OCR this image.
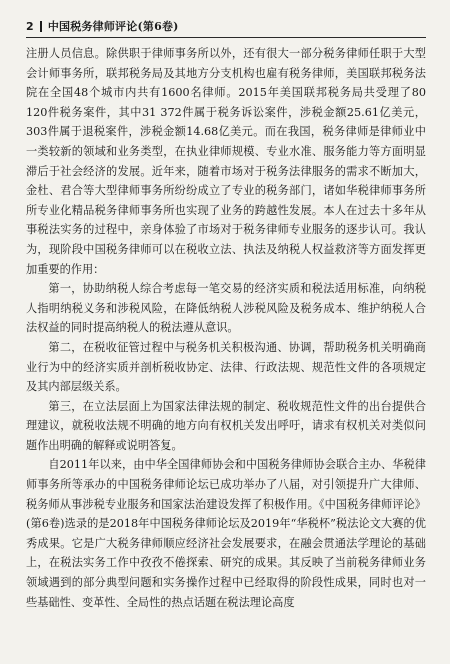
2 中国税务律师评论(第6卷)

注册人员信息。除供职于律师事务所以外，还有很大一部分税务律师任职于大型会计师事务所，联邦税务局及其地方分支机构也雇有税务律师，美国联邦税务法院在全国48个城市内共有1600名律师。2015年美国联邦税务局共受理了80 120件税务案件，其中31 372件属于税务诉讼案件，涉税金额25.61亿美元，303件属于退税案件，涉税金额14.68亿美元。而在我国，税务律师是律师业中一类较新的领域和业务类型，在执业律师规模、专业水准、服务能力等方面明显滞后于社会经济的发展。近年来，随着市场对于税务法律服务的需求不断加大，金杜、君合等大型律师事务所纷纷成立了专业的税务部门，诸如华税律师事务所所专业化精品税务律师事务所也实现了业务的跨越性发展。本人在过去十多年从事税法实务的过程中，亲身体验了市场对于税务律师专业服务的逐步认可。我认为，现阶段中国税务律师可以在税收立法、执法及纳税人权益救济等方面发挥更加重要的作用：

第一，协助纳税人综合考虑每一笔交易的经济实质和税法适用标准，向纳税人指明纳税义务和涉税风险，在降低纳税人涉税风险及税务成本、维护纳税人合法权益的同时提高纳税人的税法遵从意识。

第二，在税收征管过程中与税务机关积极沟通、协调，帮助税务机关明确商业行为中的经济实质并剖析税收协定、法律、行政法规、规范性文件的各项规定及其内部层级关系。

第三，在立法层面上为国家法律法规的制定、税收规范性文件的出台提供合理建议，就税收法规不明确的地方向有权机关发出呼吁，请求有权机关对类似问题作出明确的解释或说明答复。

自2011年以来，由中华全国律师协会和中国税务律师协会联合主办、华税律师事务所等承办的中国税务律师论坛已成功举办了八届，对引领提升广大律师、税务师从事涉税专业服务和国家法治建设发挥了积极作用。《中国税务律师评论》(第6卷)选录的是2018年中国税务律师论坛及2019年“华税杯”税法论文大赛的优秀成果。它是广大税务律师顺应经济社会发展要求，在融会贯通法学理论的基础上，在税法实务工作中孜孜不倦探索、研究的成果。其反映了当前税务律师业务领域遇到的部分典型问题和实务操作过程中已经取得的阶段性成果，同时也对一些基础性、变革性、全局性的热点话题在税法理论高度
